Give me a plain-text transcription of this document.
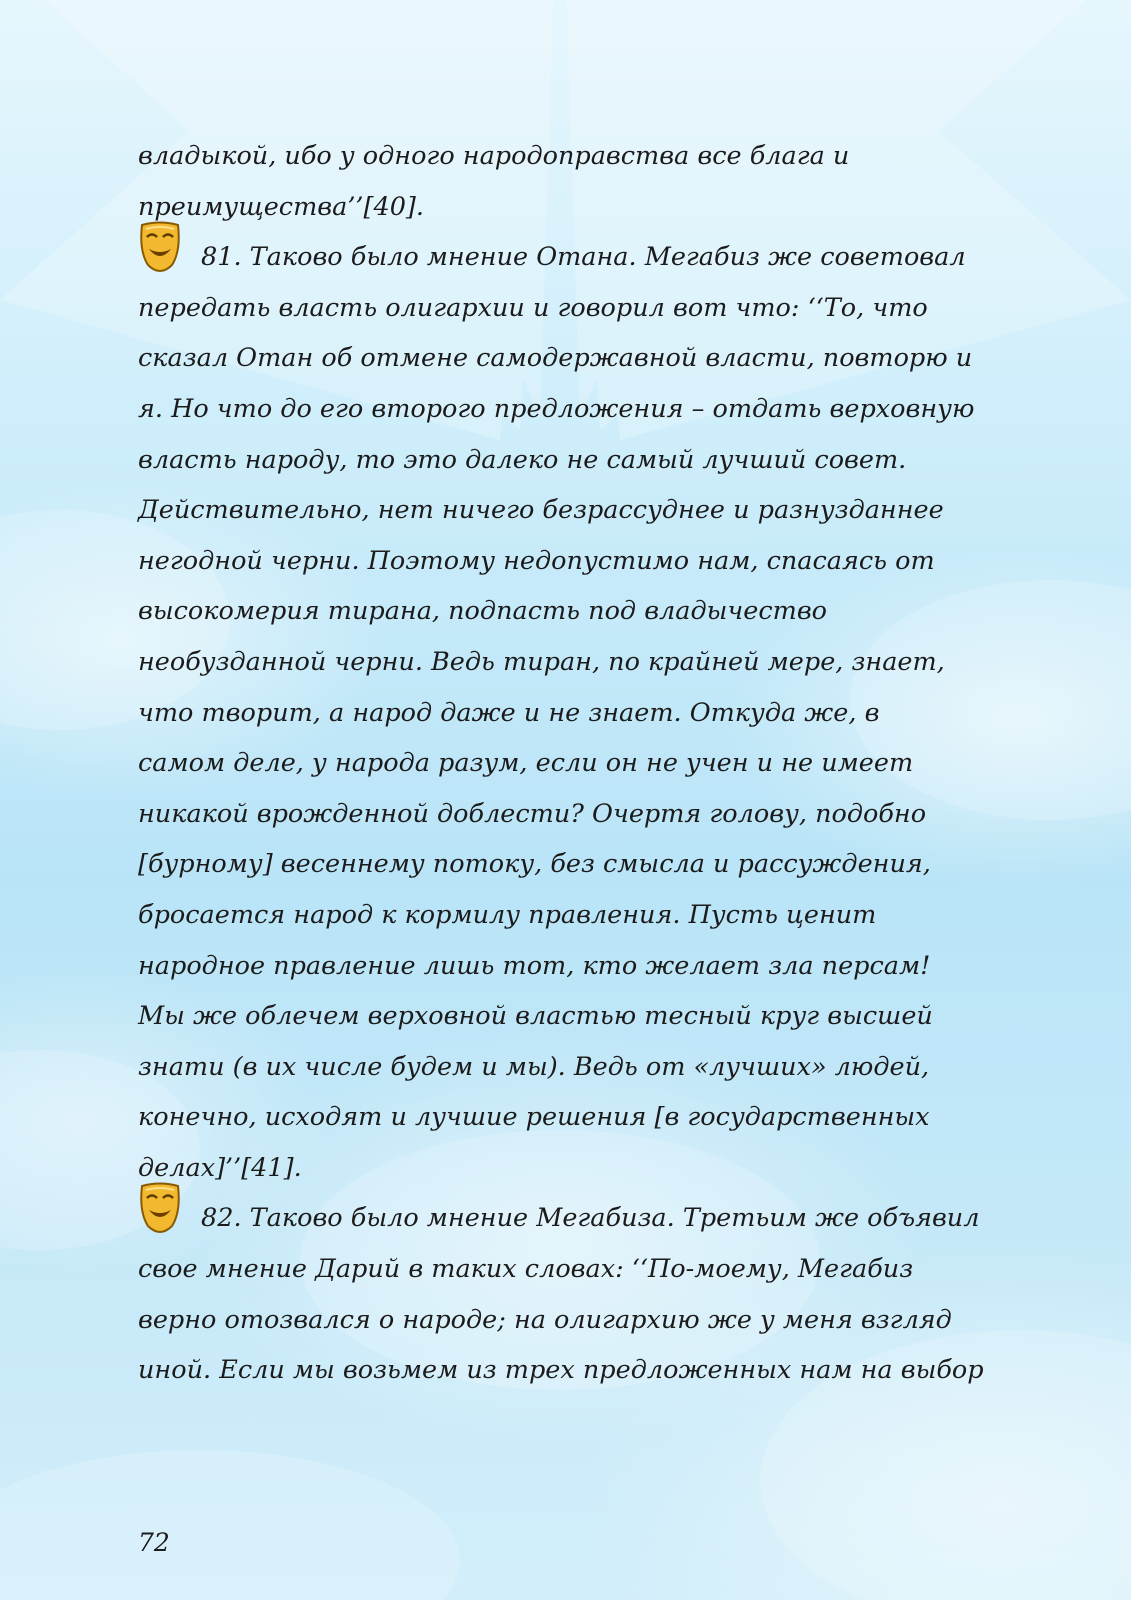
владыкой, ибо у одного народоправства все блага и
преимущества’’[40].
81. Таково было мнение Отана. Мегабиз же советовал
передать власть олигархии и говорил вот что: ‘‘То, что
сказал Отан об отмене самодержавной власти, повторю и
я. Но что до его второго предложения – отдать верховную
власть народу, то это далеко не самый лучший совет.
Действительно, нет ничего безрассуднее и разнузданнее
негодной черни. Поэтому недопустимо нам, спасаясь от
высокомерия тирана, подпасть под владычество
необузданной черни. Ведь тиран, по крайней мере, знает,
что творит, а народ даже и не знает. Откуда же, в
самом деле, у народа разум, если он не учен и не имеет
никакой врожденной доблести? Очертя голову, подобно
[бурному] весеннему потоку, без смысла и рассуждения,
бросается народ к кормилу правления. Пусть ценит
народное правление лишь тот, кто желает зла персам!
Мы же облечем верховной властью тесный круг высшей
знати (в их числе будем и мы). Ведь от «лучших» людей,
конечно, исходят и лучшие решения [в государственных
делах]’’[41].
82. Таково было мнение Мегабиза. Третьим же объявил
свое мнение Дарий в таких словах: ‘‘По-моему, Мегабиз
верно отозвался о народе; на олигархию же у меня взгляд
иной. Если мы возьмем из трех предложенных нам на выбор
72
